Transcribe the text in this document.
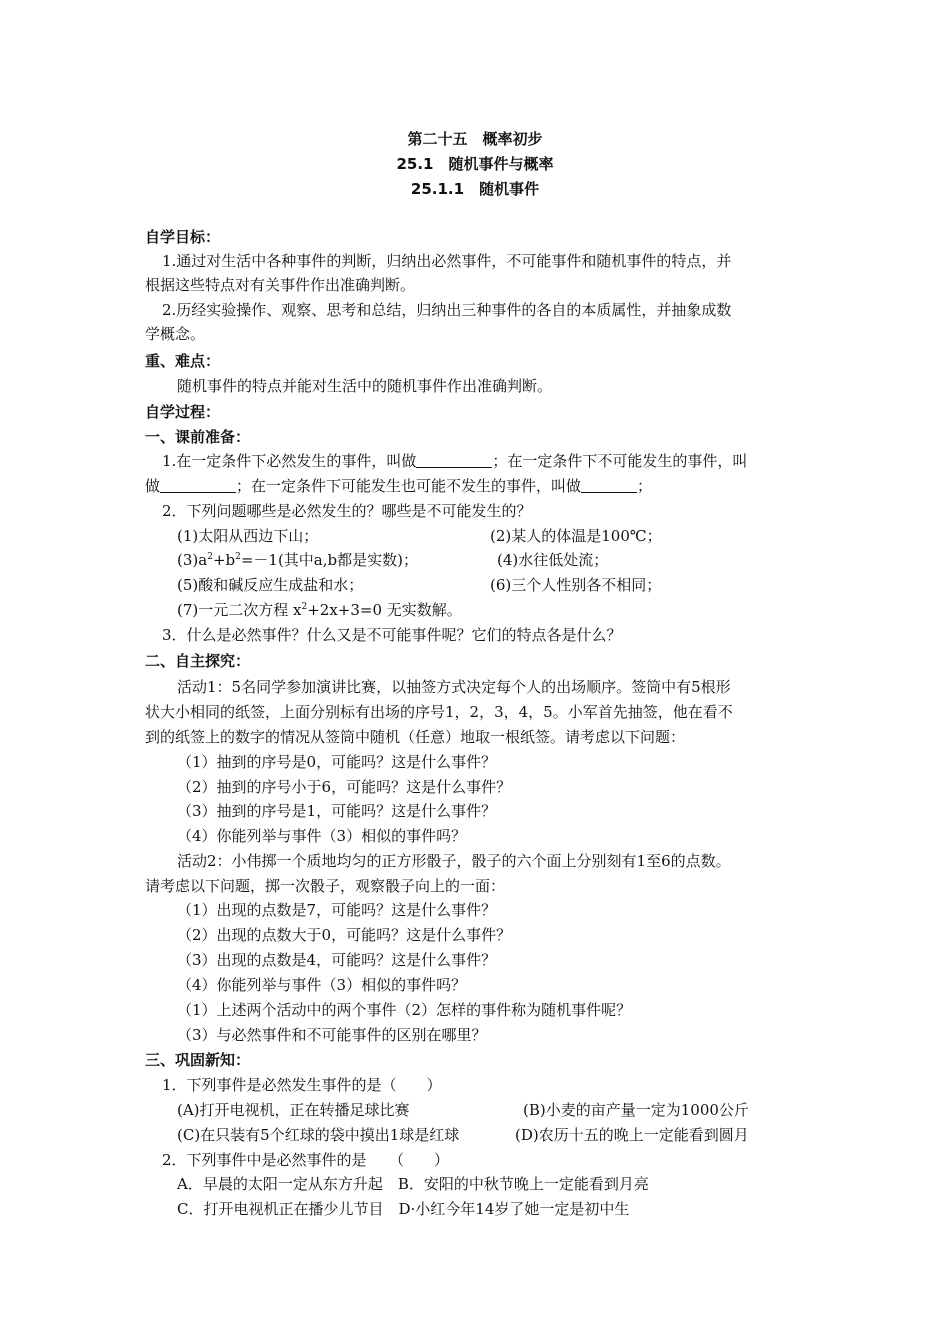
第二十五　概率初步
25.1　随机事件与概率
25.1.1　随机事件
自学目标：
1.通过对生活中各种事件的判断，归纳出必然事件，不可能事件和随机事件的特点，并
根据这些特点对有关事件作出准确判断。
2.历经实验操作、观察、思考和总结，归纳出三种事件的各自的本质属性，并抽象成数
学概念。
重、难点：
随机事件的特点并能对生活中的随机事件作出准确判断。
自学过程：
一、课前准备：
1.在一定条件下必然发生的事件，叫做	；在一定条件下不可能发生的事件，叫
做	；在一定条件下可能发生也可能不发生的事件，叫做	；
2．下列问题哪些是必然发生的？哪些是不可能发生的？
(1)太阳从西边下山；	(2)某人的体温是100℃；
$(3)a^2+b^2=-1$(其中a,b都是实数)；	(4)水往低处流；
(5)酸和碱反应生成盐和水；	(6)三个人性别各不相同；
(7)一元二次方程 $x^2+2x+3=0$ 无实数解。
3．什么是必然事件？什么又是不可能事件呢？它们的特点各是什么？
二、自主探究：
活动1：5名同学参加演讲比赛，以抽签方式决定每个人的出场顺序。签筒中有5根形
状大小相同的纸签，上面分别标有出场的序号1，2，3，4，5。小军首先抽签，他在看不
到的纸签上的数字的情况从签筒中随机（任意）地取一根纸签。请考虑以下问题：
（1）抽到的序号是0，可能吗？这是什么事件？
（2）抽到的序号小于6，可能吗？这是什么事件？
（3）抽到的序号是1，可能吗？这是什么事件？
（4）你能列举与事件（3）相似的事件吗？
活动2：小伟掷一个质地均匀的正方形骰子，骰子的六个面上分别刻有1至6的点数。
请考虑以下问题，掷一次骰子，观察骰子向上的一面：
（1）出现的点数是7，可能吗？这是什么事件？
（2）出现的点数大于0，可能吗？这是什么事件？
（3）出现的点数是4，可能吗？这是什么事件？
（4）你能列举与事件（3）相似的事件吗？
（1）上述两个活动中的两个事件（2）怎样的事件称为随机事件呢？
（3）与必然事件和不可能事件的区别在哪里？
三、巩固新知：
1．下列事件是必然发生事件的是（　　）
(A)打开电视机，正在转播足球比赛	(B)小麦的亩产量一定为1000公斤
(C)在只装有5个红球的袋中摸出1球是红球	(D)农历十五的晚上一定能看到圆月
2．下列事件中是必然事件的是　　（　　）
A．早晨的太阳一定从东方升起　B．安阳的中秋节晚上一定能看到月亮
C．打开电视机正在播少儿节目　D·小红今年14岁了她一定是初中生
